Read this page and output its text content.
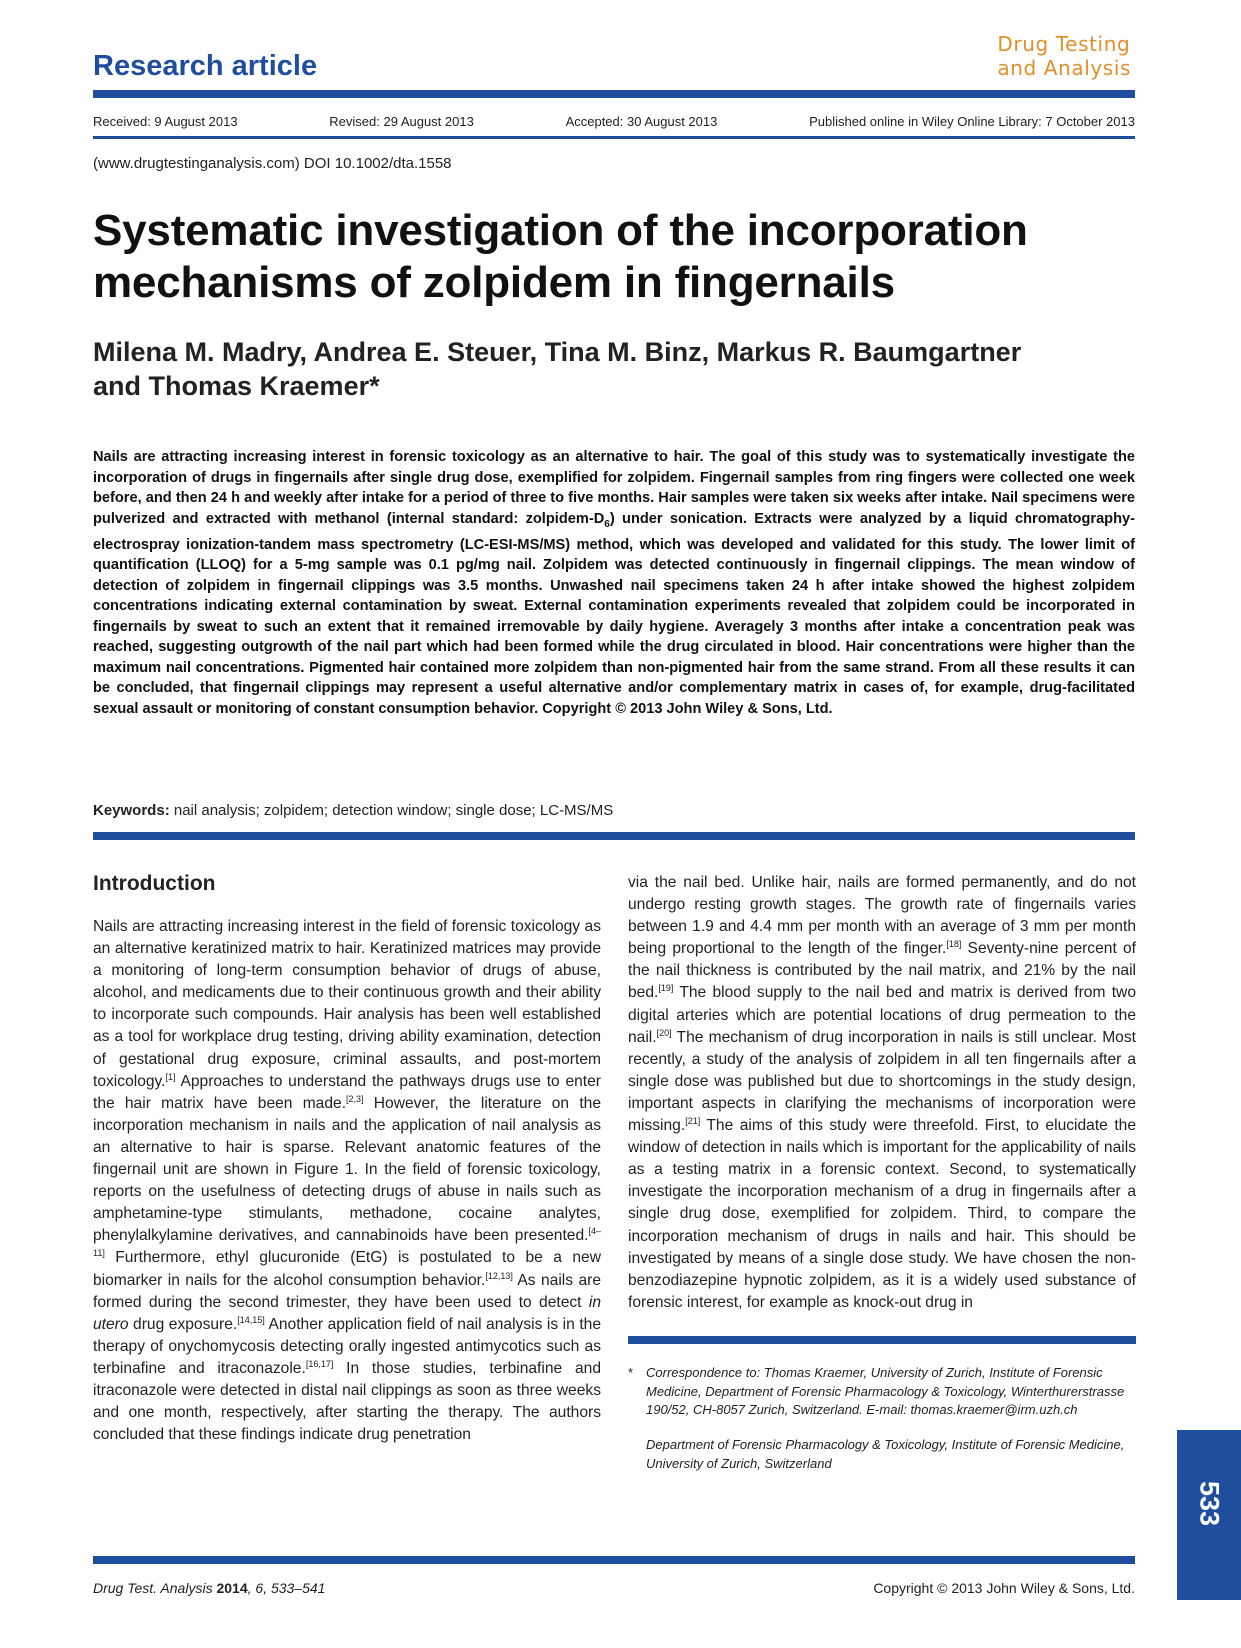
Research article
Drug Testing
and Analysis
Received: 9 August 2013	Revised: 29 August 2013	Accepted: 30 August 2013	Published online in Wiley Online Library: 7 October 2013
(www.drugtestinganalysis.com) DOI 10.1002/dta.1558
Systematic investigation of the incorporation
mechanisms of zolpidem in fingernails
Milena M. Madry, Andrea E. Steuer, Tina M. Binz, Markus R. Baumgartner
and Thomas Kraemer*
Nails are attracting increasing interest in forensic toxicology as an alternative to hair. The goal of this study was to systematically investigate the incorporation of drugs in fingernails after single drug dose, exemplified for zolpidem. Fingernail samples from ring fingers were collected one week before, and then 24 h and weekly after intake for a period of three to five months. Hair samples were taken six weeks after intake. Nail specimens were pulverized and extracted with methanol (internal standard: zolpidem-$D_6$) under sonication. Extracts were analyzed by a liquid chromatography-electrospray ionization-tandem mass spectrometry (LC-ESI-MS/MS) method, which was developed and validated for this study. The lower limit of quantification (LLOQ) for a 5-mg sample was 0.1 pg/mg nail. Zolpidem was detected continuously in fingernail clippings. The mean window of detection of zolpidem in fingernail clippings was 3.5 months. Unwashed nail specimens taken 24 h after intake showed the highest zolpidem concentrations indicating external contamination by sweat. External contamination experiments revealed that zolpidem could be incorporated in fingernails by sweat to such an extent that it remained irremovable by daily hygiene. Averagely 3 months after intake a concentration peak was reached, suggesting outgrowth of the nail part which had been formed while the drug circulated in blood. Hair concentrations were higher than the maximum nail concentrations. Pigmented hair contained more zolpidem than non-pigmented hair from the same strand. From all these results it can be concluded, that fingernail clippings may represent a useful alternative and/or complementary matrix in cases of, for example, drug-facilitated sexual assault or monitoring of constant consumption behavior. Copyright © 2013 John Wiley & Sons, Ltd.
Keywords: nail analysis; zolpidem; detection window; single dose; LC-MS/MS
Introduction
Nails are attracting increasing interest in the field of forensic toxicology as an alternative keratinized matrix to hair. Keratinized matrices may provide a monitoring of long-term consumption behavior of drugs of abuse, alcohol, and medicaments due to their continuous growth and their ability to incorporate such compounds. Hair analysis has been well established as a tool for workplace drug testing, driving ability examination, detection of gestational drug exposure, criminal assaults, and post-mortem toxicology.[1] Approaches to understand the pathways drugs use to enter the hair matrix have been made.[2,3] However, the literature on the incorporation mechanism in nails and the application of nail analysis as an alternative to hair is sparse. Relevant anatomic features of the fingernail unit are shown in Figure 1. In the field of forensic toxicology, reports on the usefulness of detecting drugs of abuse in nails such as amphetamine-type stimulants, methadone, cocaine analytes, phenylalkylamine derivatives, and cannabinoids have been presented.[4–11] Furthermore, ethyl glucuronide (EtG) is postulated to be a new biomarker in nails for the alcohol consumption behavior.[12,13] As nails are formed during the second trimester, they have been used to detect in utero drug exposure.[14,15] Another application field of nail analysis is in the therapy of onychomycosis detecting orally ingested antimycotics such as terbinafine and itraconazole.[16,17] In those studies, terbinafine and itraconazole were detected in distal nail clippings as soon as three weeks and one month, respectively, after starting the therapy. The authors concluded that these findings indicate drug penetration
via the nail bed. Unlike hair, nails are formed permanently, and do not undergo resting growth stages. The growth rate of fingernails varies between 1.9 and 4.4 mm per month with an average of 3 mm per month being proportional to the length of the finger.[18] Seventy-nine percent of the nail thickness is contributed by the nail matrix, and 21% by the nail bed.[19] The blood supply to the nail bed and matrix is derived from two digital arteries which are potential locations of drug permeation to the nail.[20] The mechanism of drug incorporation in nails is still unclear. Most recently, a study of the analysis of zolpidem in all ten fingernails after a single dose was published but due to shortcomings in the study design, important aspects in clarifying the mechanisms of incorporation were missing.[21] The aims of this study were threefold. First, to elucidate the window of detection in nails which is important for the applicability of nails as a testing matrix in a forensic context. Second, to systematically investigate the incorporation mechanism of a drug in fingernails after a single drug dose, exemplified for zolpidem. Third, to compare the incorporation mechanism of drugs in nails and hair. This should be investigated by means of a single dose study. We have chosen the non-benzodiazepine hypnotic zolpidem, as it is a widely used substance of forensic interest, for example as knock-out drug in
* Correspondence to: Thomas Kraemer, University of Zurich, Institute of Forensic Medicine, Department of Forensic Pharmacology & Toxicology, Winterthurerstrasse 190/52, CH-8057 Zurich, Switzerland. E-mail: thomas.kraemer@irm.uzh.ch
Department of Forensic Pharmacology & Toxicology, Institute of Forensic Medicine, University of Zurich, Switzerland
533
Drug Test. Analysis 2014, 6, 533–541	Copyright © 2013 John Wiley & Sons, Ltd.
